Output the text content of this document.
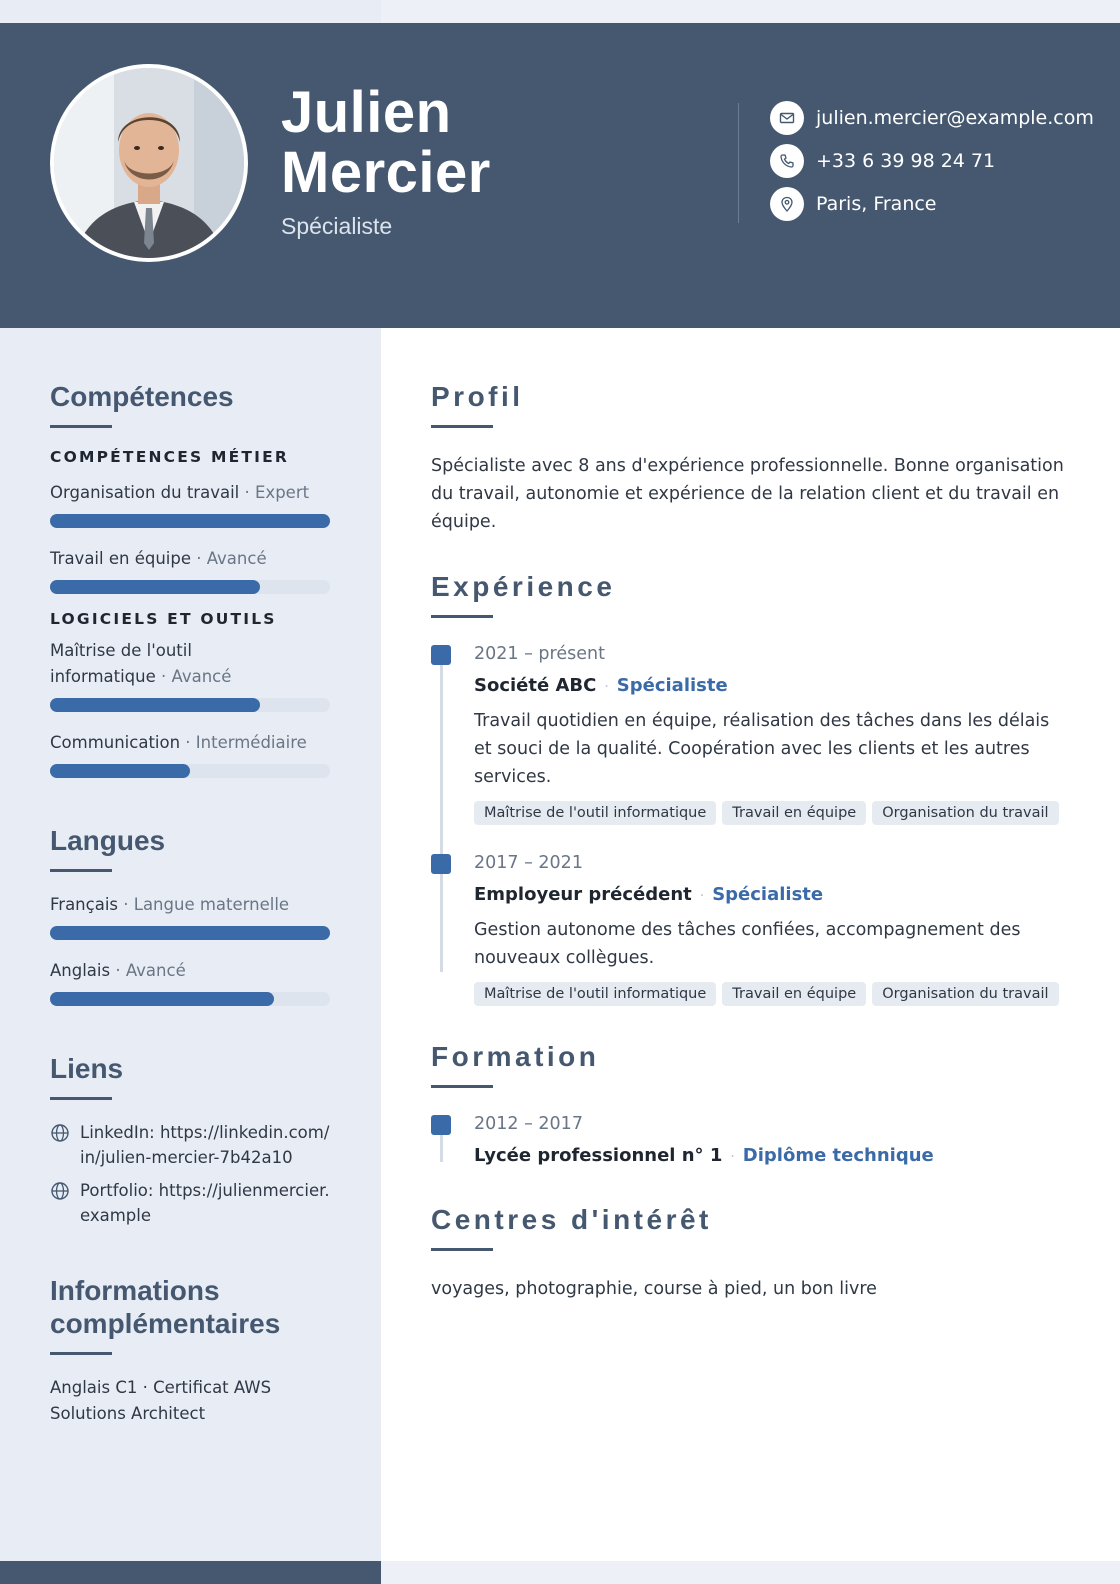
Julien
Mercier
Spécialiste
julien.mercier@example.com
+33 6 39 98 24 71
Paris, France
Compétences
COMPÉTENCES MÉTIER
Organisation du travail · Expert
Travail en équipe · Avancé
LOGICIELS ET OUTILS
Maîtrise de l'outil informatique · Avancé
Communication · Intermédiaire
Langues
Français · Langue maternelle
Anglais · Avancé
Liens
LinkedIn: https://linkedin.com/in/julien-mercier-7b42a10
Portfolio: https://julienmercier.example
Informations complémentaires
Anglais C1 · Certificat AWS Solutions Architect
Profil
Spécialiste avec 8 ans d'expérience professionnelle. Bonne organisation du travail, autonomie et expérience de la relation client et du travail en équipe.
Expérience
2021 – présent
Société ABC · Spécialiste
Travail quotidien en équipe, réalisation des tâches dans les délais et souci de la qualité. Coopération avec les clients et les autres services.
Maîtrise de l'outil informatique	Travail en équipe	Organisation du travail
2017 – 2021
Employeur précédent · Spécialiste
Gestion autonome des tâches confiées, accompagnement des nouveaux collègues.
Maîtrise de l'outil informatique	Travail en équipe	Organisation du travail
Formation
2012 – 2017
Lycée professionnel n° 1 · Diplôme technique
Centres d'intérêt
voyages, photographie, course à pied, un bon livre
